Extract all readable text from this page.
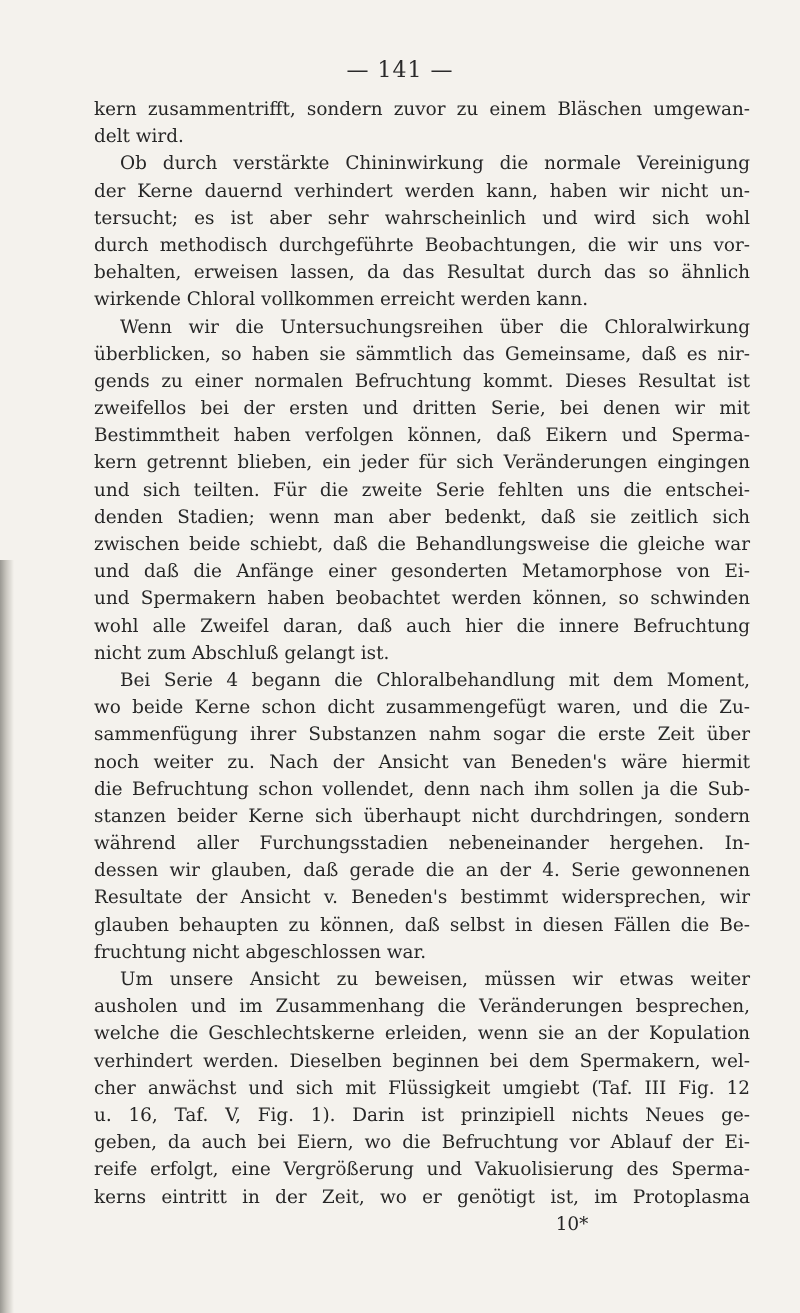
— 141 —
kern zusammentrifft, sondern zuvor zu einem Bläschen umgewan-
delt wird.
Ob durch verstärkte Chininwirkung die normale Vereinigung
der Kerne dauernd verhindert werden kann, haben wir nicht un-
tersucht; es ist aber sehr wahrscheinlich und wird sich wohl
durch methodisch durchgeführte Beobachtungen, die wir uns vor-
behalten, erweisen lassen, da das Resultat durch das so ähnlich
wirkende Chloral vollkommen erreicht werden kann.
Wenn wir die Untersuchungsreihen über die Chloralwirkung
überblicken, so haben sie sämmtlich das Gemeinsame, daß es nir-
gends zu einer normalen Befruchtung kommt. Dieses Resultat ist
zweifellos bei der ersten und dritten Serie, bei denen wir mit
Bestimmtheit haben verfolgen können, daß Eikern und Sperma-
kern getrennt blieben, ein jeder für sich Veränderungen eingingen
und sich teilten. Für die zweite Serie fehlten uns die entschei-
denden Stadien; wenn man aber bedenkt, daß sie zeitlich sich
zwischen beide schiebt, daß die Behandlungsweise die gleiche war
und daß die Anfänge einer gesonderten Metamorphose von Ei-
und Spermakern haben beobachtet werden können, so schwinden
wohl alle Zweifel daran, daß auch hier die innere Befruchtung
nicht zum Abschluß gelangt ist.
Bei Serie 4 begann die Chloralbehandlung mit dem Moment,
wo beide Kerne schon dicht zusammengefügt waren, und die Zu-
sammenfügung ihrer Substanzen nahm sogar die erste Zeit über
noch weiter zu. Nach der Ansicht van Beneden's wäre hiermit
die Befruchtung schon vollendet, denn nach ihm sollen ja die Sub-
stanzen beider Kerne sich überhaupt nicht durchdringen, sondern
während aller Furchungsstadien nebeneinander hergehen. In-
dessen wir glauben, daß gerade die an der 4. Serie gewonnenen
Resultate der Ansicht v. Beneden's bestimmt widersprechen, wir
glauben behaupten zu können, daß selbst in diesen Fällen die Be-
fruchtung nicht abgeschlossen war.
Um unsere Ansicht zu beweisen, müssen wir etwas weiter
ausholen und im Zusammenhang die Veränderungen besprechen,
welche die Geschlechtskerne erleiden, wenn sie an der Kopulation
verhindert werden. Dieselben beginnen bei dem Spermakern, wel-
cher anwächst und sich mit Flüssigkeit umgiebt (Taf. III Fig. 12
u. 16, Taf. V, Fig. 1). Darin ist prinzipiell nichts Neues ge-
geben, da auch bei Eiern, wo die Befruchtung vor Ablauf der Ei-
reife erfolgt, eine Vergrößerung und Vakuolisierung des Sperma-
kerns eintritt in der Zeit, wo er genötigt ist, im Protoplasma
10*
